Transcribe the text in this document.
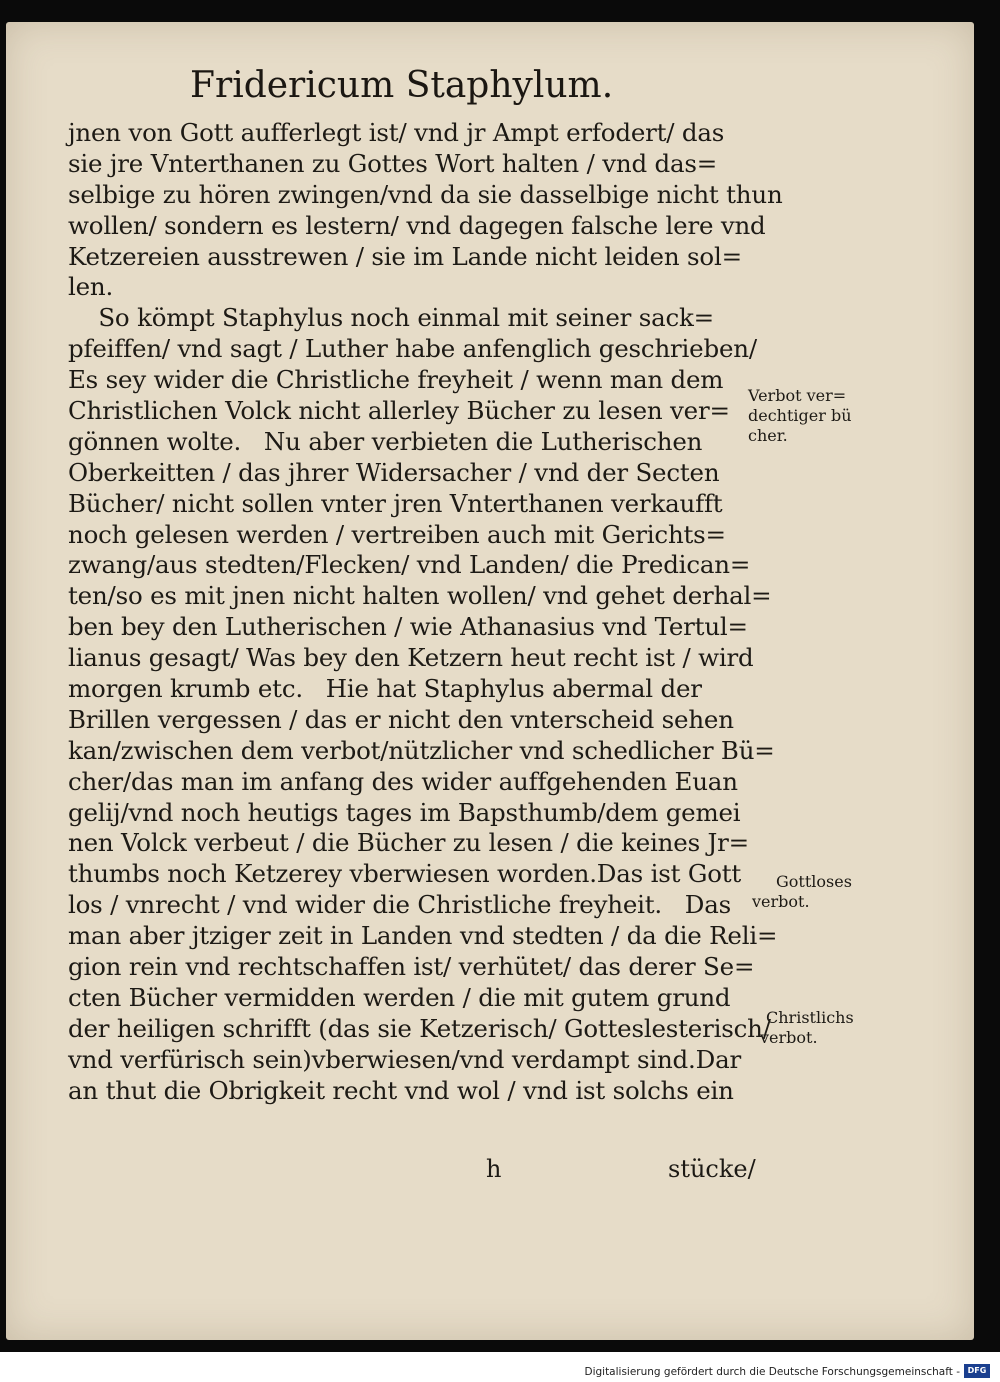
Fridericum Staphylum.
jnen von Gott aufferlegt ist/ vnd jr Ampt erfodert/ das
sie jre Vnterthanen zu Gottes Wort halten / vnd das=
selbige zu hören zwingen/vnd da sie dasselbige nicht thun
wollen/ sondern es lestern/ vnd dagegen falsche lere vnd
Ketzereien ausstrewen / sie im Lande nicht leiden sol=
len.
So kömpt Staphylus noch einmal mit seiner sack=
pfeiffen/ vnd sagt / Luther habe anfenglich geschrieben/
Es sey wider die Christliche freyheit / wenn man dem
Christlichen Volck nicht allerley Bücher zu lesen ver=
gönnen wolte.   Nu aber verbieten die Lutherischen
Oberkeitten / das jhrer Widersacher / vnd der Secten
Bücher/ nicht sollen vnter jren Vnterthanen verkaufft
noch gelesen werden / vertreiben auch mit Gerichts=
zwang/aus stedten/Flecken/ vnd Landen/ die Predican=
ten/so es mit jnen nicht halten wollen/ vnd gehet derhal=
ben bey den Lutherischen / wie Athanasius vnd Tertul=
lianus gesagt/ Was bey den Ketzern heut recht ist / wird
morgen krumb etc.   Hie hat Staphylus abermal der
Brillen vergessen / das er nicht den vnterscheid sehen
kan/zwischen dem verbot/nützlicher vnd schedlicher Bü=
cher/das man im anfang des wider auffgehenden Euan
gelij/vnd noch heutigs tages im Bapsthumb/dem gemei
nen Volck verbeut / die Bücher zu lesen / die keines Jr=
thumbs noch Ketzerey vberwiesen worden.Das ist Gott
los / vnrecht / vnd wider die Christliche freyheit.   Das
man aber jtziger zeit in Landen vnd stedten / da die Reli=
gion rein vnd rechtschaffen ist/ verhütet/ das derer Se=
cten Bücher vermidden werden / die mit gutem grund
der heiligen schrifft (das sie Ketzerisch/ Gotteslesterisch/
vnd verfürisch sein)vberwiesen/vnd verdampt sind.Dar
an thut die Obrigkeit recht vnd wol / vnd ist solchs ein
Verbot ver=
dechtiger bü
cher.
Gottloses
verbot.
Christlichs
verbot.
h	stücke/
Digitalisierung gefördert durch die Deutsche Forschungsgemeinschaft - DFG
